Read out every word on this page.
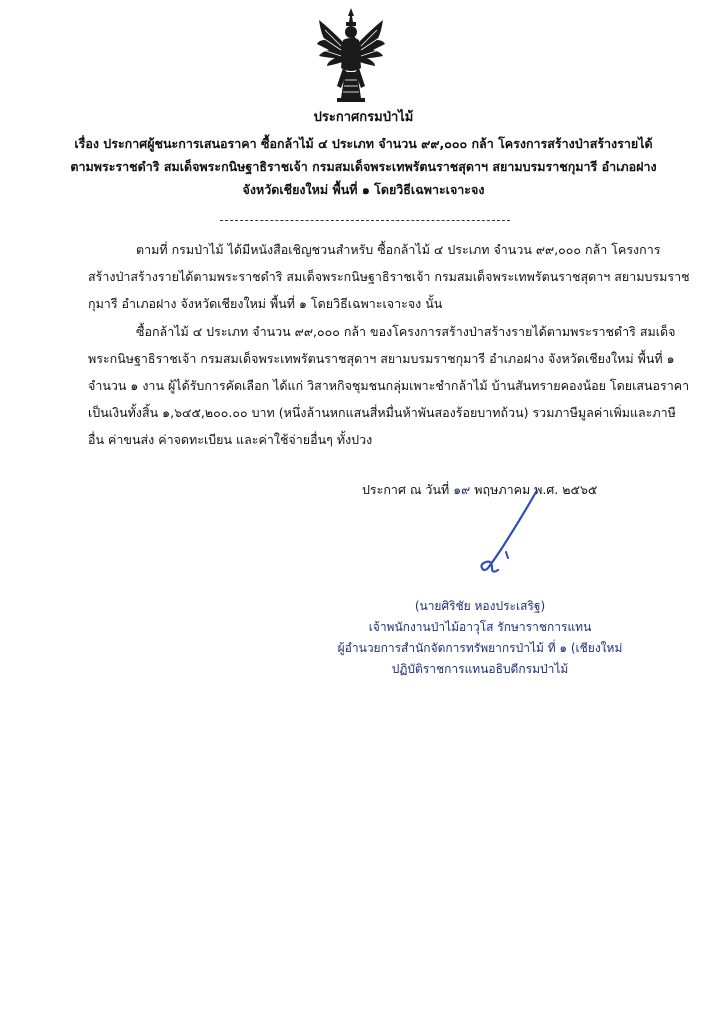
ประกาศกรมป่าไม้
เรื่อง ประกาศผู้ชนะการเสนอราคา ซื้อกล้าไม้ ๔ ประเภท จำนวน ๙๙,๐๐๐ กล้า โครงการสร้างป่าสร้างรายได้
ตามพระราชดำริ สมเด็จพระกนิษฐาธิราชเจ้า กรมสมเด็จพระเทพรัตนราชสุดาฯ สยามบรมราชกุมารี อำเภอฝาง
จังหวัดเชียงใหม่ พื้นที่ ๑ โดยวิธีเฉพาะเจาะจง
ตามที่ กรมป่าไม้ ได้มีหนังสือเชิญชวนสำหรับ ซื้อกล้าไม้ ๔ ประเภท จำนวน ๙๙,๐๐๐ กล้า โครงการ
สร้างป่าสร้างรายได้ตามพระราชดำริ สมเด็จพระกนิษฐาธิราชเจ้า กรมสมเด็จพระเทพรัตนราชสุดาฯ สยามบรมราช
กุมารี อำเภอฝาง จังหวัดเชียงใหม่ พื้นที่ ๑ โดยวิธีเฉพาะเจาะจง นั้น
ซื้อกล้าไม้ ๔ ประเภท จำนวน ๙๙,๐๐๐ กล้า ของโครงการสร้างป่าสร้างรายได้ตามพระราชดำริ สมเด็จ
พระกนิษฐาธิราชเจ้า กรมสมเด็จพระเทพรัตนราชสุดาฯ สยามบรมราชกุมารี อำเภอฝาง จังหวัดเชียงใหม่ พื้นที่ ๑
จำนวน ๑ งาน ผู้ได้รับการคัดเลือก ได้แก่ วิสาหกิจชุมชนกลุ่มเพาะชำกล้าไม้ บ้านสันทรายคองน้อย โดยเสนอราคา
เป็นเงินทั้งสิ้น ๑,๖๔๕,๒๐๐.๐๐ บาท (หนึ่งล้านหกแสนสี่หมื่นห้าพันสองร้อยบาทถ้วน) รวมภาษีมูลค่าเพิ่มและภาษี
อื่น ค่าขนส่ง ค่าจดทะเบียน และค่าใช้จ่ายอื่นๆ ทั้งปวง
ประกาศ ณ วันที่ ๑๙ พฤษภาคม พ.ศ. ๒๕๖๕
(นายศิริชัย หองประเสริฐ)
เจ้าพนักงานป่าไม้อาวุโส รักษาราชการแทน
ผู้อำนวยการสำนักจัดการทรัพยากรป่าไม้ ที่ ๑ (เชียงใหม่
ปฏิบัติราชการแทนอธิบดีกรมป่าไม้
